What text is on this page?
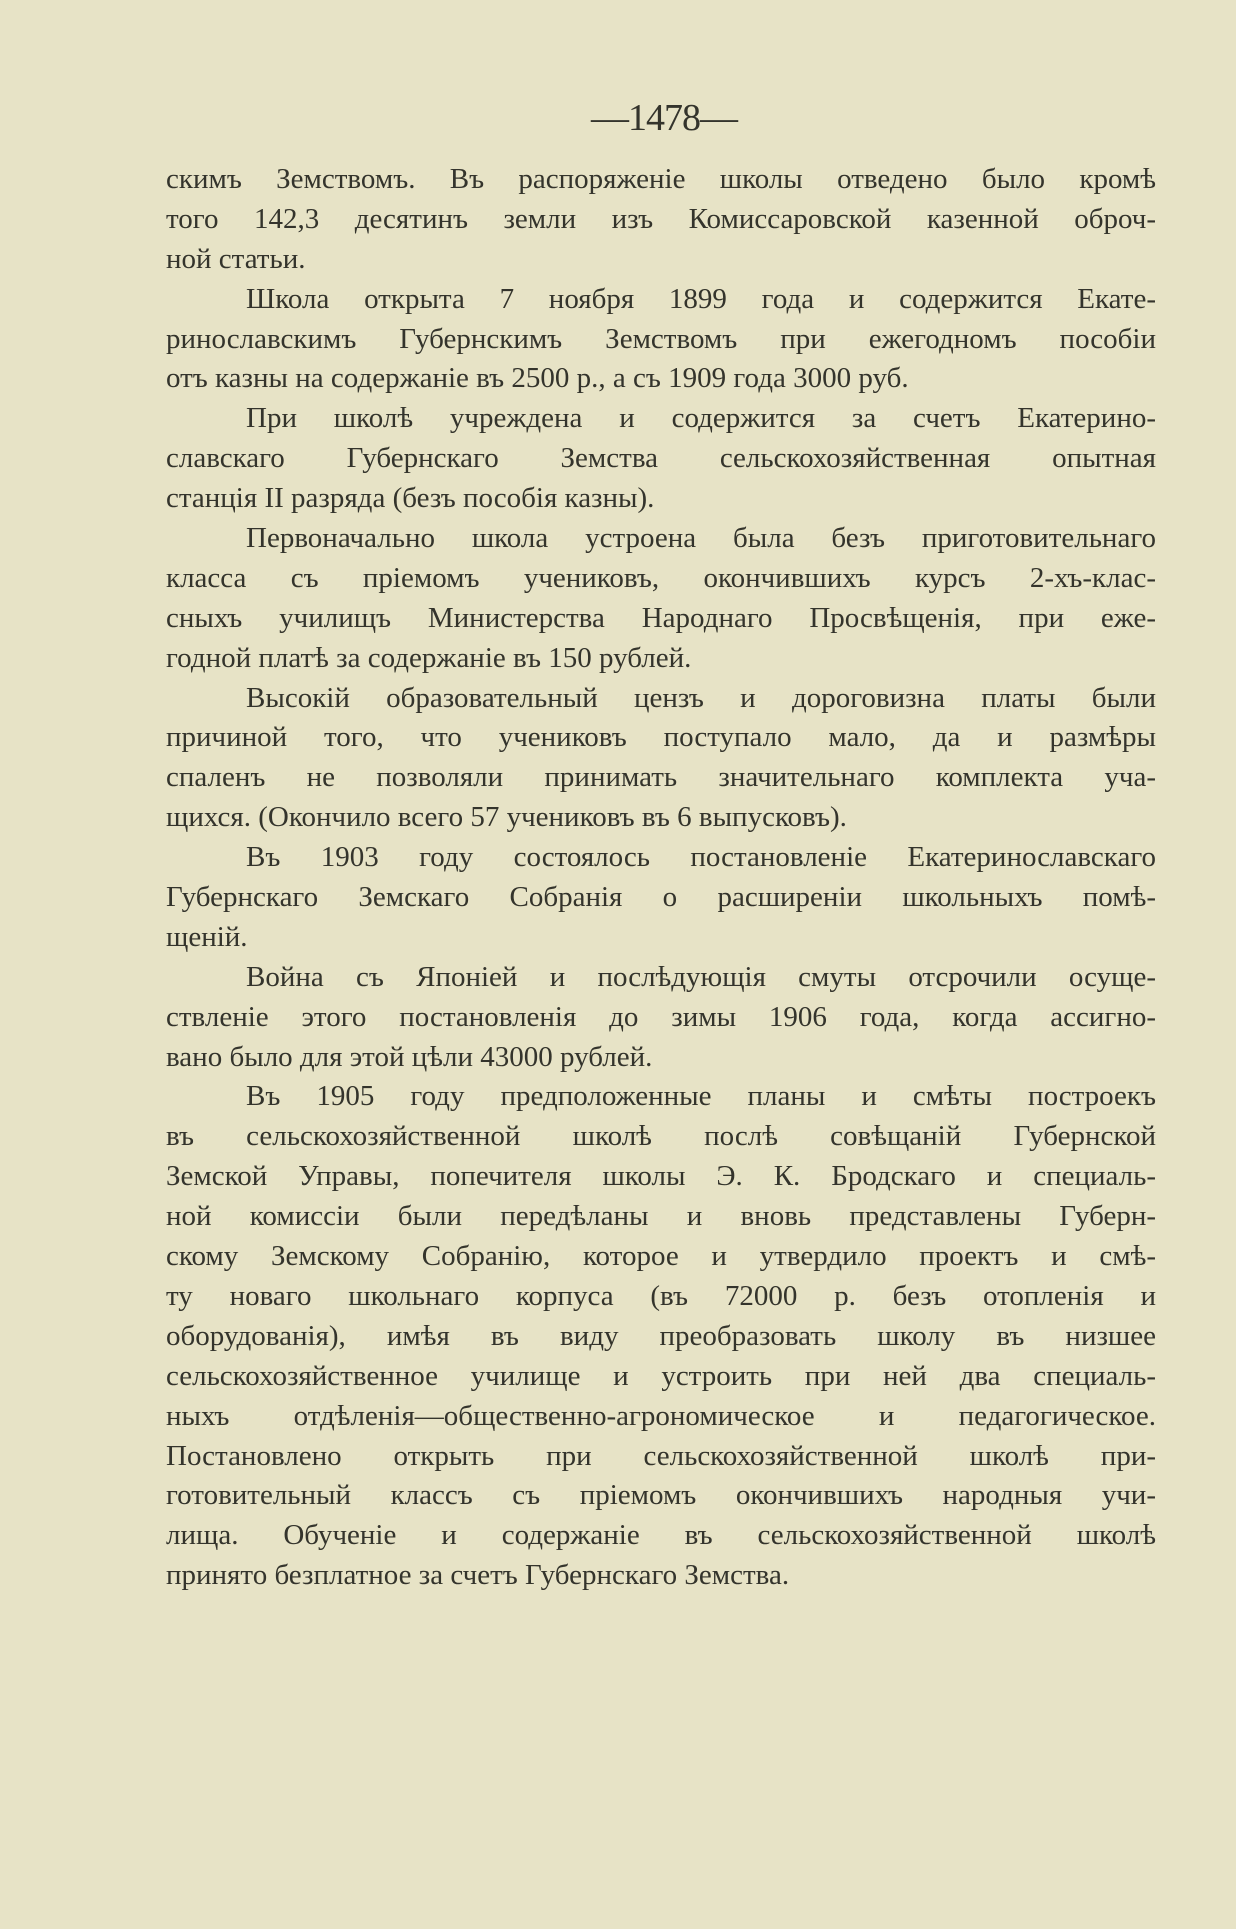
—1478—
скимъ Земствомъ. Въ распоряженіе школы отведено было кромѣ
того 142,3 десятинъ земли изъ Комиссаровской казенной оброч-
ной статьи.
Школа открыта 7 ноября 1899 года и содержится Екате-
ринославскимъ Губернскимъ Земствомъ при ежегодномъ пособіи
отъ казны на содержаніе въ 2500 р., а съ 1909 года 3000 руб.
При школѣ учреждена и содержится за счетъ Екатерино-
славскаго Губернскаго Земства сельскохозяйственная опытная
станція II разряда (безъ пособія казны).
Первоначально школа устроена была безъ приготовительнаго
класса съ пріемомъ учениковъ, окончившихъ курсъ 2-хъ-клас-
сныхъ училищъ Министерства Народнаго Просвѣщенія, при еже-
годной платѣ за содержаніе въ 150 рублей.
Высокій образовательный цензъ и дороговизна платы были
причиной того, что учениковъ поступало мало, да и размѣры
спаленъ не позволяли принимать значительнаго комплекта уча-
щихся. (Окончило всего 57 учениковъ въ 6 выпусковъ).
Въ 1903 году состоялось постановленіе Екатеринославскаго
Губернскаго Земскаго Собранія о расширеніи школьныхъ помѣ-
щеній.
Война съ Японіей и послѣдующія смуты отсрочили осуще-
ствленіе этого постановленія до зимы 1906 года, когда ассигно-
вано было для этой цѣли 43000 рублей.
Въ 1905 году предположенные планы и смѣты построекъ
въ сельскохозяйственной школѣ послѣ совѣщаній Губернской
Земской Управы, попечителя школы Э. К. Бродскаго и специаль-
ной комиссіи были передѣланы и вновь представлены Губерн-
скому Земскому Собранію, которое и утвердило проектъ и смѣ-
ту новаго школьнаго корпуса (въ 72000 р. безъ отопленія и
оборудованія), имѣя въ виду преобразовать школу въ низшее
сельскохозяйственное училище и устроить при ней два специаль-
ныхъ отдѣленія—общественно-агрономическое и педагогическое.
Постановлено открыть при сельскохозяйственной школѣ при-
готовительный классъ съ пріемомъ окончившихъ народныя учи-
лища. Обученіе и содержаніе въ сельскохозяйственной школѣ
принято безплатное за счетъ Губернскаго Земства.
